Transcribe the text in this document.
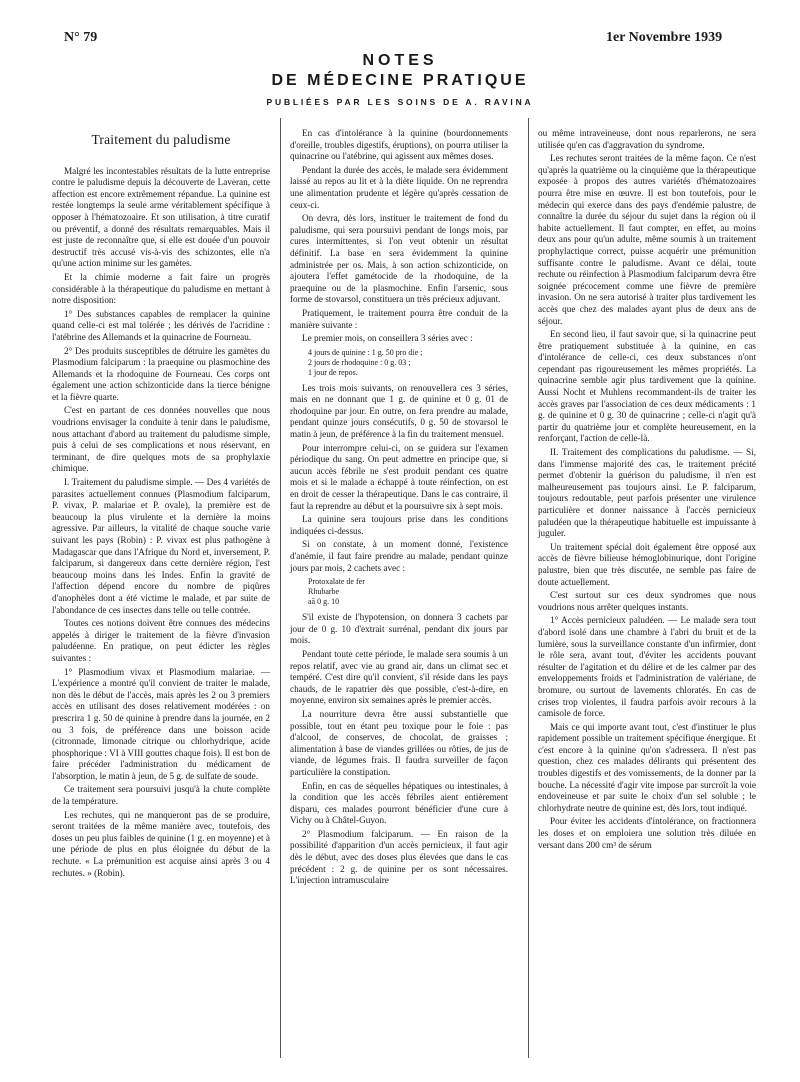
N° 79	1er Novembre 1939
NOTES
DE MÉDECINE PRATIQUE
PUBLIÉES PAR LES SOINS DE A. RAVINA
Traitement du paludisme

Malgré les incontestables résultats de la lutte entreprise contre le paludisme depuis la découverte de Laveran, cette affection est encore extrêmement répandue. La quinine est restée longtemps la seule arme véritablement spécifique à opposer à l'hématozoaire. Et son utilisation, à titre curatif ou préventif, a donné des résultats remarquables. Mais il est juste de reconnaître que, si elle est douée d'un pouvoir destructif très accusé vis-à-vis des schizontes, elle n'a qu'une action minime sur les gamètes.

Et la chimie moderne a fait faire un progrès considérable à la thérapeutique du paludisme en mettant à notre disposition:

1° Des substances capables de remplacer la quinine quand celle-ci est mal tolérée ; les dérivés de l'acridine : l'atébrine des Allemands et la quinacrine de Fourneau.

2° Des produits susceptibles de détruire les gamètes du Plasmodium falciparum : la praequine ou plasmochine des Allemands et la rhodoquine de Fourneau. Ces corps ont également une action schizonticide dans la tierce bénigne et la fièvre quarte.

C'est en partant de ces données nouvelles que nous voudrions envisager la conduite à tenir dans le paludisme, nous attachant d'abord au traitement du paludisme simple, puis à celui de ses complications et nous réservant, en terminant, de dire quelques mots de sa prophylaxie chimique.

I. Traitement du paludisme simple. — Des 4 variétés de parasites actuellement connues (Plasmodium falciparum, P. vivax, P. malariae et P. ovale), la première est de beaucoup la plus virulente et la dernière la moins agressive. Par ailleurs, la vitalité de chaque souche varie suivant les pays (Robin) : P. vivax est plus pathogène à Madagascar que dans l'Afrique du Nord et, inversement, P. falciparum, si dangereux dans cette dernière région, l'est beaucoup moins dans les Indes. Enfin la gravité de l'affection dépend encore du nombre de piqûres d'anophèles dont a été victime le malade, et par suite de l'abondance de ces insectes dans telle ou telle contrée.

Toutes ces notions doivent être connues des médecins appelés à diriger le traitement de la fièvre d'invasion paludéenne. En pratique, on peut édicter les règles suivantes :

1° Plasmodium vivax et Plasmodium malariae. — L'expérience a montré qu'il convient de traiter le malade, non dès le début de l'accès, mais après les 2 ou 3 premiers accès en utilisant des doses relativement modérées : on prescrira 1 g. 50 de quinine à prendre dans la journée, en 2 ou 3 fois, de préférence dans une boisson acide (citronnade, limonade citrique ou chlorhydrique, acide phosphorique : VI à VIII gouttes chaque fois). Il est bon de faire précéder l'administration du médicament de l'absorption, le matin à jeun, de 5 g. de sulfate de soude.

Ce traitement sera poursuivi jusqu'à la chute complète de la température.

Les rechutes, qui ne manqueront pas de se produire, seront traitées de la même manière avec, toutefois, des doses un peu plus faibles de quinine (1 g. en moyenne) et à une période de plus en plus éloignée du début de la rechute. « La prémunition est acquise ainsi après 3 ou 4 rechutes. » (Robin).

En cas d'intolérance à la quinine (bourdonnements d'oreille, troubles digestifs, éruptions), on pourra utiliser la quinacrine ou l'atébrine, qui agissent aux mêmes doses.

Pendant la durée des accès, le malade sera évidemment laissé au repos au lit et à la diète liquide. On ne reprendra une alimentation prudente et légère qu'après cessation de ceux-ci.

On devra, dès lors, instituer le traitement de fond du paludisme, qui sera poursuivi pendant de longs mois, par cures intermittentes, si l'on veut obtenir un résultat définitif. La base en sera évidemment la quinine administrée per os. Mais, à son action schizonticide, on ajoutera l'effet gamétocide de la rhodoquine, de la praequine ou de la plasmochine. Enfin l'arsenic, sous forme de stovarsol, constituera un très précieux adjuvant.

Pratiquement, le traitement pourra être conduit de la manière suivante :

Le premier mois, on conseillera 3 séries avec :

4 jours de quinine : 1 g. 50 pro die ;
2 jours de rhodoquine : 0 g. 03 ;
1 jour de repos.

Les trois mois suivants, on renouvellera ces 3 séries, mais en ne donnant que 1 g. de quinine et 0 g. 01 de rhodoquine par jour. En outre, on fera prendre au malade, pendant quinze jours consécutifs, 0 g. 50 de stovarsol le matin à jeun, de préférence à la fin du traitement mensuel.

Pour interrompre celui-ci, on se guidera sur l'examen périodique du sang. On peut admettre en principe que, si aucun accès fébrile ne s'est produit pendant ces quatre mois et si le malade a échappé à toute réinfection, on est en droit de cesser la thérapeutique. Dans le cas contraire, il faut la reprendre au début et la poursuivre six à sept mois.

La quinine sera toujours prise dans les conditions indiquées ci-dessus.

Si on constate, à un moment donné, l'existence d'anémie, il faut faire prendre au malade, pendant quinze jours par mois, 2 cachets avec :

Protoxalate de fer
Rhubarbe
aā 0 g. 10

S'il existe de l'hypotension, on donnera 3 cachets par jour de 0 g. 10 d'extrait surrénal, pendant dix jours par mois.

Pendant toute cette période, le malade sera soumis à un repos relatif, avec vie au grand air, dans un climat sec et tempéré. C'est dire qu'il convient, s'il réside dans les pays chauds, de le rapatrier dès que possible, c'est-à-dire, en moyenne, environ six semaines après le premier accès.

La nourriture devra être aussi substantielle que possible, tout en étant peu toxique pour le foie : pas d'alcool, de conserves, de chocolat, de graisses ; alimentation à base de viandes grillées ou rôties, de jus de viande, de légumes frais. Il faudra surveiller de façon particulière la constipation.

Enfin, en cas de séquelles hépatiques ou intestinales, à la condition que les accès fébriles aient entièrement disparu, ces malades pourront bénéficier d'une cure à Vichy ou à Châtel-Guyon.

2° Plasmodium falciparum. — En raison de la possibilité d'apparition d'un accès pernicieux, il faut agir dès le début, avec des doses plus élevées que dans le cas précédent : 2 g. de quinine per os sont nécessaires. L'injection intramusculaire

ou même intraveineuse, dont nous reparlerons, ne sera utilisée qu'en cas d'aggravation du syndrome.

Les rechutes seront traitées de la même façon. Ce n'est qu'après la quatrième ou la cinquième que la thérapeutique exposée à propos des autres variétés d'hématozoaires pourra être mise en œuvre. Il est bon toutefois, pour le médecin qui exerce dans des pays d'endémie palustre, de connaître la durée du séjour du sujet dans la région où il habite actuellement. Il faut compter, en effet, au moins deux ans pour qu'un adulte, même soumis à un traitement prophylactique correct, puisse acquérir une prémunition suffisante contre le paludisme. Avant ce délai, toute rechute ou réinfection à Plasmodium falciparum devra être soignée précocement comme une fièvre de première invasion. On ne sera autorisé à traiter plus tardivement les accès que chez des malades ayant plus de deux ans de séjour.

En second lieu, il faut savoir que, si la quinacrine peut être pratiquement substituée à la quinine, en cas d'intolérance de celle-ci, ces deux substances n'ont cependant pas rigoureusement les mêmes propriétés. La quinacrine semble agir plus tardivement que la quinine. Aussi Nocht et Muhlens recommandent-ils de traiter les accès graves par l'association de ces deux médicaments : 1 g. de quinine et 0 g. 30 de quinacrine ; celle-ci n'agit qu'à partir du quatrième jour et complète heureusement, en la renforçant, l'action de celle-là.

II. Traitement des complications du paludisme. — Si, dans l'immense majorité des cas, le traitement précité permet d'obtenir la guérison du paludisme, il n'en est malheureusement pas toujours ainsi. Le P. falciparum, toujours redoutable, peut parfois présenter une virulence particulière et donner naissance à l'accès pernicieux paludéen que la thérapeutique habituelle est impuissante à juguler.

Un traitement spécial doit également être opposé aux accès de fièvre bilieuse hémoglobinurique, dont l'origine palustre, bien que très discutée, ne semble pas faire de doute actuellement.

C'est surtout sur ces deux syndromes que nous voudrions nous arrêter quelques instants.

1° Accès pernicieux paludéen. — Le malade sera tout d'abord isolé dans une chambre à l'abri du bruit et de la lumière, sous la surveillance constante d'un infirmier, dont le rôle sera, avant tout, d'éviter les accidents pouvant résulter de l'agitation et du délire et de les calmer par des enveloppements froids et l'administration de valériane, de bromure, ou surtout de lavements chloratés. En cas de crises trop violentes, il faudra parfois avoir recours à la camisole de force.

Mais ce qui importe avant tout, c'est d'instituer le plus rapidement possible un traitement spécifique énergique. Et c'est encore à la quinine qu'on s'adressera. Il n'est pas question, chez ces malades délirants qui présentent des troubles digestifs et des vomissements, de la donner par la bouche. La nécessité d'agir vite impose par surcroît la voie endoveineuse et par suite le choix d'un sel soluble ; le chlorhydrate neutre de quinine est, dès lors, tout indiqué.

Pour éviter les accidents d'intolérance, on fractionnera les doses et on emploiera une solution très diluée en versant dans 200 cm³ de sérum
